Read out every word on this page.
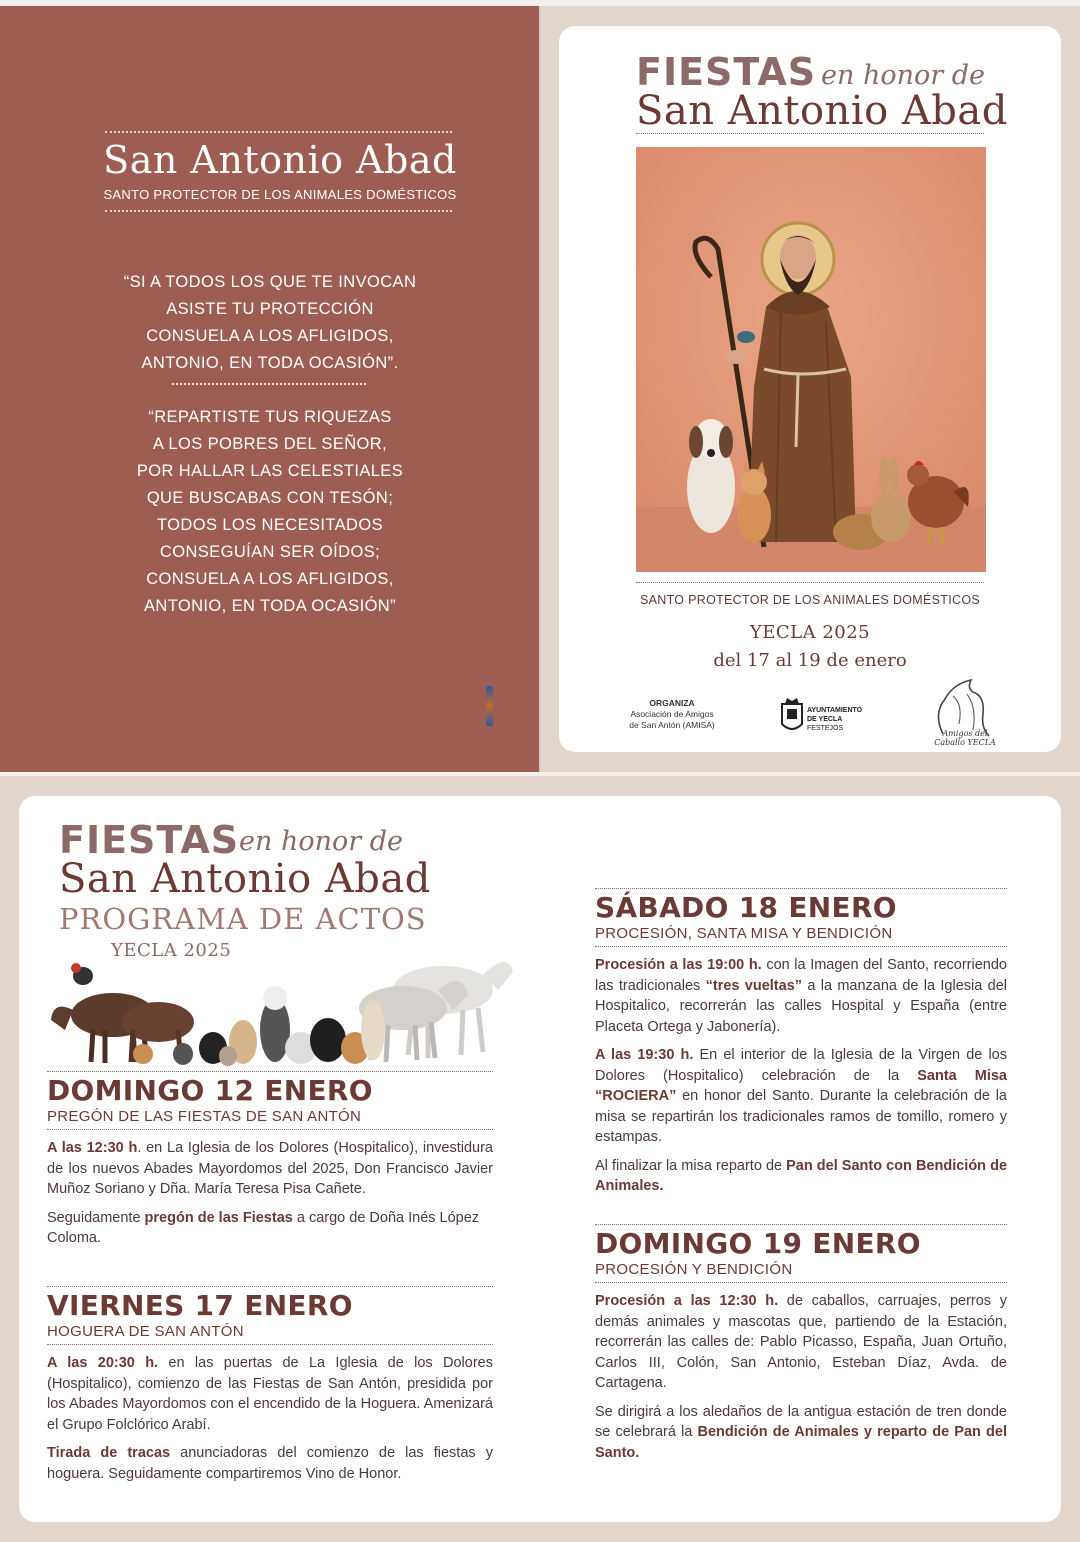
San Antonio Abad
SANTO PROTECTOR DE LOS ANIMALES DOMÉSTICOS
“SI A TODOS LOS QUE TE INVOCAN
ASISTE TU PROTECCIÓN
CONSUELA A LOS AFLIGIDOS,
ANTONIO, EN TODA OCASIÓN”.
“REPARTISTE TUS RIQUEZAS
A LOS POBRES DEL SEÑOR,
POR HALLAR LAS CELESTIALES
QUE BUSCABAS CON TESÓN;
TODOS LOS NECESITADOS
CONSEGUÍAN SER OÍDOS;
CONSUELA A LOS AFLIGIDOS,
ANTONIO, EN TODA OCASIÓN”
FIESTAS en honor de
San Antonio Abad
SANTO PROTECTOR DE LOS ANIMALES DOMÉSTICOS
YECLA 2025
del 17 al 19 de enero
ORGANIZA
Asociación de Amigos
de San Antón (AMISA)
AYUNTAMIENTO
DE YECLA
FESTEJOS
Amigos del Caballo YECLA
FIESTAS en honor de
San Antonio Abad
PROGRAMA DE ACTOS
YECLA 2025
DOMINGO 12 ENERO
PREGÓN DE LAS FIESTAS DE SAN ANTÓN

A las 12:30 h. en La Iglesia de los Dolores (Hospitalico), investidura de los nuevos Abades Mayordomos del 2025, Don Francisco Javier Muñoz Soriano y Dña. María Teresa Pisa Cañete.

Seguidamente pregón de las Fiestas a cargo de Doña Inés López Coloma.

VIERNES 17 ENERO
HOGUERA DE SAN ANTÓN

A las 20:30 h. en las puertas de La Iglesia de los Dolores (Hospitalico), comienzo de las Fiestas de San Antón, presidida por los Abades Mayordomos con el encendido de la Hoguera. Amenizará el Grupo Folclórico Arabí.

Tirada de tracas anunciadoras del comienzo de las fiestas y hoguera. Seguidamente compartiremos Vino de Honor.

SÁBADO 18 ENERO
PROCESIÓN, SANTA MISA Y BENDICIÓN

Procesión a las 19:00 h. con la Imagen del Santo, recorriendo las tradicionales “tres vueltas” a la manzana de la Iglesia del Hospitalico, recorrerán las calles Hospital y España (entre Placeta Ortega y Jabonería).

A las 19:30 h. En el interior de la Iglesia de la Virgen de los Dolores (Hospitalico) celebración de la Santa Misa “ROCIERA” en honor del Santo. Durante la celebración de la misa se repartirán los tradicionales ramos de tomillo, romero y estampas.

Al finalizar la misa reparto de Pan del Santo con Bendición de Animales.

DOMINGO 19 ENERO
PROCESIÓN Y BENDICIÓN

Procesión a las 12:30 h. de caballos, carruajes, perros y demás animales y mascotas que, partiendo de la Estación, recorrerán las calles de: Pablo Picasso, España, Juan Ortuño, Carlos III, Colón, San Antonio, Esteban Díaz, Avda. de Cartagena.

Se dirigirá a los aledaños de la antigua estación de tren donde se celebrará la Bendición de Animales y reparto de Pan del Santo.
